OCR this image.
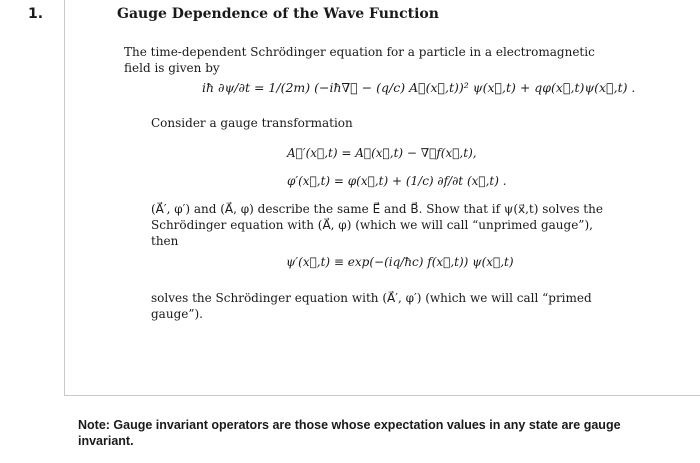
1.	Gauge Dependence of the Wave Function
The time-dependent Schrödinger equation for a particle in a electromagnetic field is given by
iħ ∂ψ/∂t = 1/(2m) (−iħ∇⃗ − (q/c) A⃗(x⃗,t))² ψ(x⃗,t) + qφ(x⃗,t)ψ(x⃗,t) .
Consider a gauge transformation
A⃗′(x⃗,t) = A⃗(x⃗,t) − ∇⃗f(x⃗,t),
φ′(x⃗,t) = φ(x⃗,t) + (1/c) ∂f/∂t (x⃗,t) .
(A⃗′, φ′) and (A⃗, φ) describe the same E⃗ and B⃗. Show that if ψ(x⃗,t) solves the Schrödinger equation with (A⃗, φ) (which we will call “unprimed gauge”), then
ψ′(x⃗,t) ≡ exp(−(iq/ħc) f(x⃗,t)) ψ(x⃗,t)
solves the Schrödinger equation with (A⃗′, φ′) (which we will call “primed gauge”).
Note: Gauge invariant operators are those whose expectation values in any state are gauge invariant.
